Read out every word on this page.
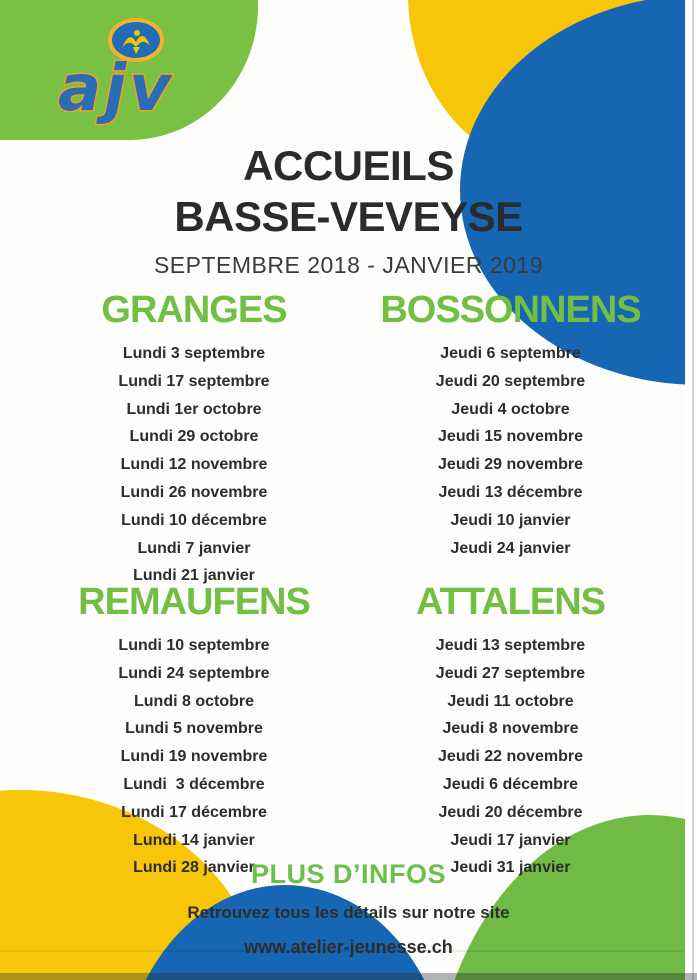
ajv
ACCUEILS
BASSE-VEVEYSE
SEPTEMBRE 2018 - JANVIER 2019
GRANGES
Lundi 3 septembre
Lundi 17 septembre
Lundi 1er octobre
Lundi 29 octobre
Lundi 12 novembre
Lundi 26 novembre
Lundi 10 décembre
Lundi 7 janvier
Lundi 21 janvier
BOSSONNENS
Jeudi 6 septembre
Jeudi 20 septembre
Jeudi 4 octobre
Jeudi 15 novembre
Jeudi 29 novembre
Jeudi 13 décembre
Jeudi 10 janvier
Jeudi 24 janvier
REMAUFENS
Lundi 10 septembre
Lundi 24 septembre
Lundi 8 octobre
Lundi 5 novembre
Lundi 19 novembre
Lundi  3 décembre
Lundi 17 décembre
Lundi 14 janvier
Lundi 28 janvier
ATTALENS
Jeudi 13 septembre
Jeudi 27 septembre
Jeudi 11 octobre
Jeudi 8 novembre
Jeudi 22 novembre
Jeudi 6 décembre
Jeudi 20 décembre
Jeudi 17 janvier
Jeudi 31 janvier
PLUS D’INFOS
Retrouvez tous les détails sur notre site
www.atelier-jeunesse.ch
